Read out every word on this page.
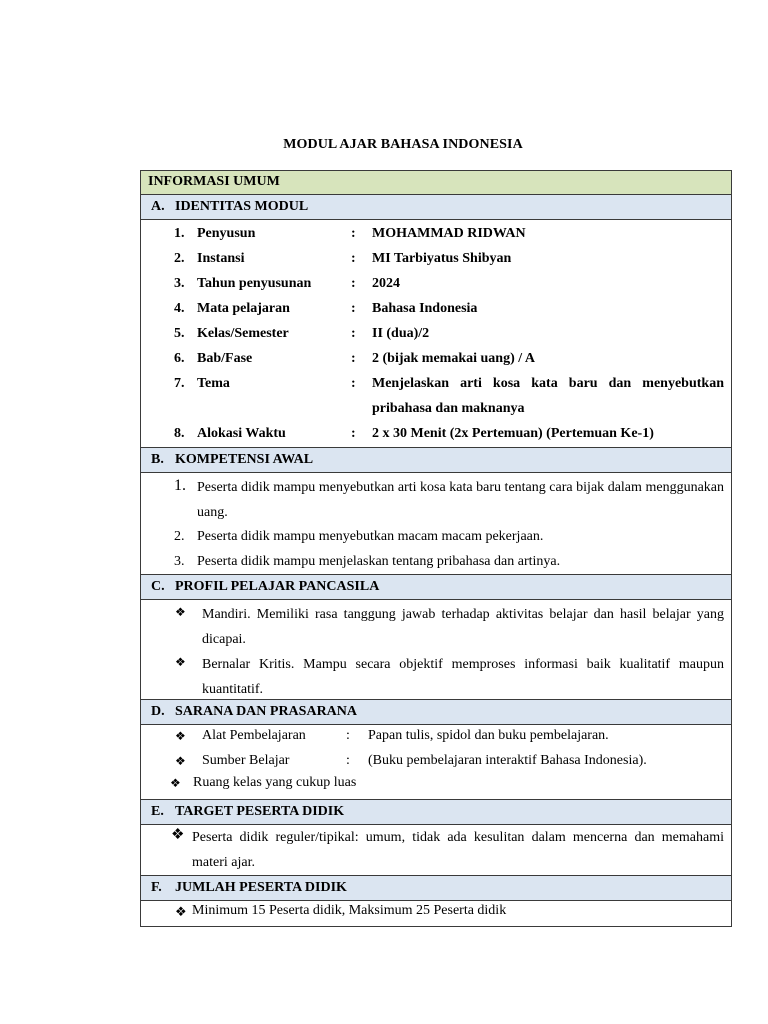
MODUL AJAR BAHASA INDONESIA
INFORMASI UMUM
A. IDENTITAS MODUL
1. Penyusun	: MOHAMMAD RIDWAN
2. Instansi	: MI Tarbiyatus Shibyan
3. Tahun penyusunan	: 2024
4. Mata pelajaran	: Bahasa Indonesia
5. Kelas/Semester	: II (dua)/2
6. Bab/Fase	: 2 (bijak memakai uang) / A
7. Tema	: Menjelaskan arti kosa kata baru dan menyebutkan pribahasa dan maknanya
8. Alokasi Waktu	: 2 x 30 Menit (2x Pertemuan) (Pertemuan Ke-1)
B. KOMPETENSI AWAL
1. Peserta didik mampu menyebutkan arti kosa kata baru tentang cara bijak dalam menggunakan uang.
2. Peserta didik mampu menyebutkan macam macam pekerjaan.
3. Peserta didik mampu menjelaskan tentang pribahasa dan artinya.
C. PROFIL PELAJAR PANCASILA
❖ Mandiri. Memiliki rasa tanggung jawab terhadap aktivitas belajar dan hasil belajar yang dicapai.
❖ Bernalar Kritis. Mampu secara objektif memproses informasi baik kualitatif maupun kuantitatif.
D. SARANA DAN PRASARANA
❖ Alat Pembelajaran	: Papan tulis, spidol dan buku pembelajaran.
❖ Sumber Belajar	: (Buku pembelajaran interaktif Bahasa Indonesia).
❖ Ruang kelas yang cukup luas
E. TARGET PESERTA DIDIK
❖ Peserta didik reguler/tipikal: umum, tidak ada kesulitan dalam mencerna dan memahami materi ajar.
F. JUMLAH PESERTA DIDIK
❖ Minimum 15 Peserta didik, Maksimum 25 Peserta didik
